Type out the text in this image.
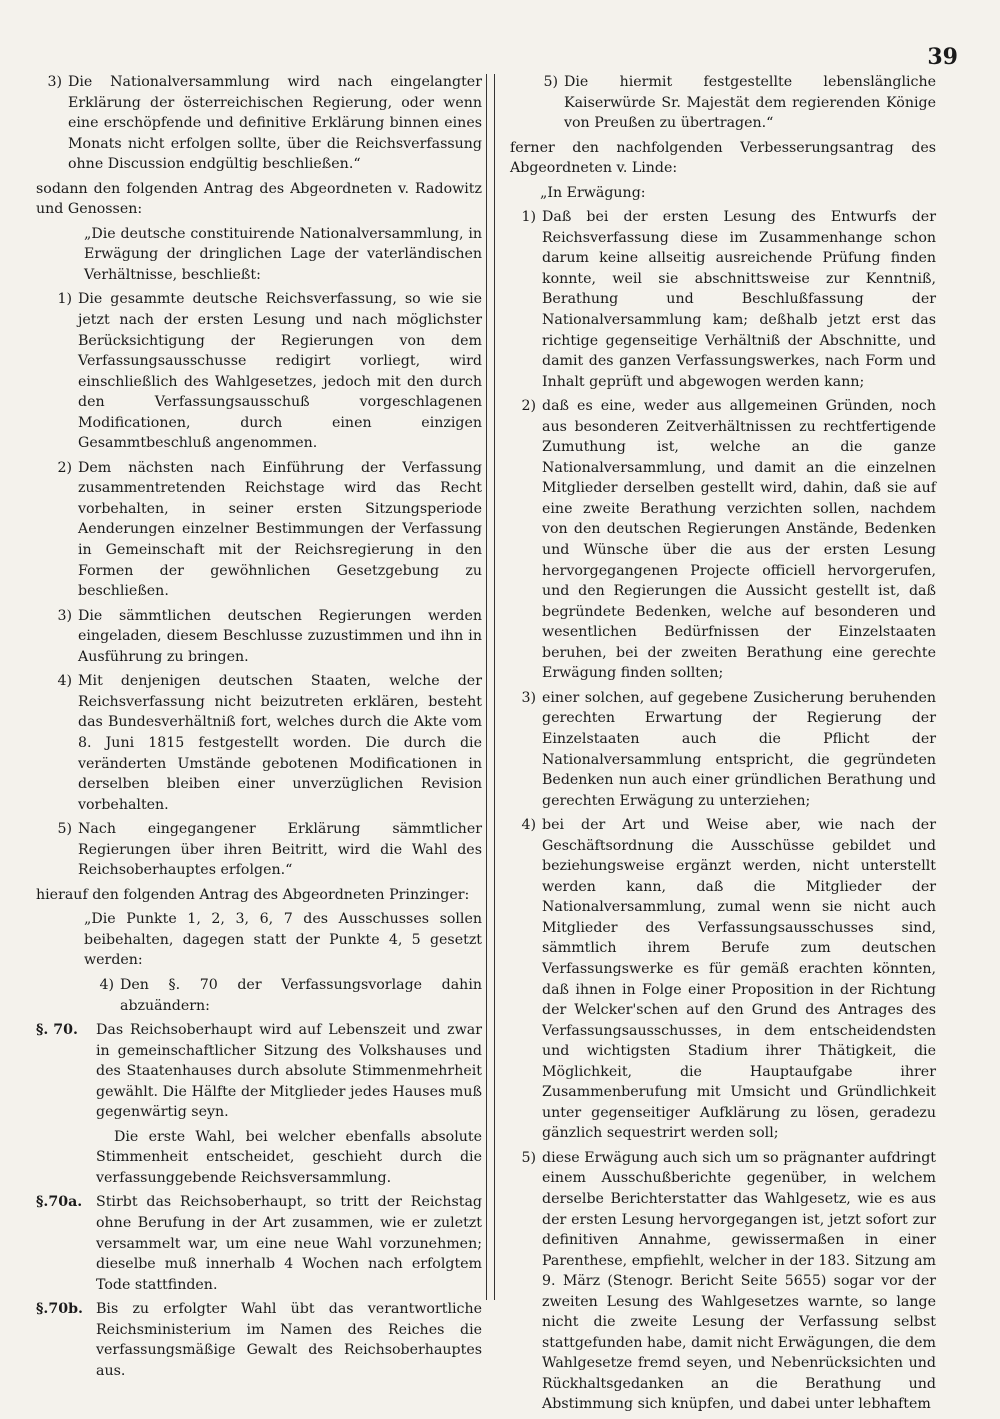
39
3) Die Nationalversammlung wird nach eingelangter Erklärung der österreichischen Regierung, oder wenn eine erschöpfende und definitive Erklärung binnen eines Monats nicht erfolgen sollte, über die Reichsverfassung ohne Discussion endgültig beschließen.“

sodann den folgenden Antrag des Abgeordneten v. Radowitz und Genossen:

„Die deutsche constituirende Nationalversammlung, in Erwägung der dringlichen Lage der vaterländischen Verhältnisse, beschließt:

1) Die gesammte deutsche Reichsverfassung, so wie sie jetzt nach der ersten Lesung und nach möglichster Berücksichtigung der Regierungen von dem Verfassungsausschusse redigirt vorliegt, wird einschließlich des Wahlgesetzes, jedoch mit den durch den Verfassungsausschuß vorgeschlagenen Modificationen, durch einen einzigen Gesammtbeschluß angenommen.
2) Dem nächsten nach Einführung der Verfassung zusammentretenden Reichstage wird das Recht vorbehalten, in seiner ersten Sitzungsperiode Aenderungen einzelner Bestimmungen der Verfassung in Gemeinschaft mit der Reichsregierung in den Formen der gewöhnlichen Gesetzgebung zu beschließen.
3) Die sämmtlichen deutschen Regierungen werden eingeladen, diesem Beschlusse zuzustimmen und ihn in Ausführung zu bringen.
4) Mit denjenigen deutschen Staaten, welche der Reichsverfassung nicht beizutreten erklären, besteht das Bundesverhältniß fort, welches durch die Akte vom 8. Juni 1815 festgestellt worden. Die durch die veränderten Umstände gebotenen Modificationen in derselben bleiben einer unverzüglichen Revision vorbehalten.
5) Nach eingegangener Erklärung sämmtlicher Regierungen über ihren Beitritt, wird die Wahl des Reichsoberhauptes erfolgen.“

hierauf den folgenden Antrag des Abgeordneten Prinzinger:

„Die Punkte 1, 2, 3, 6, 7 des Ausschusses sollen beibehalten, dagegen statt der Punkte 4, 5 gesetzt werden:

4) Den §. 70 der Verfassungsvorlage dahin abzuändern:
§. 70.	Das Reichsoberhaupt wird auf Lebenszeit und zwar in gemeinschaftlicher Sitzung des Volkshauses und des Staatenhauses durch absolute Stimmenmehrheit gewählt. Die Hälfte der Mitglieder jedes Hauses muß gegenwärtig seyn.

Die erste Wahl, bei welcher ebenfalls absolute Stimmenheit entscheidet, geschieht durch die verfassunggebende Reichsversammlung.

§.70a. Stirbt das Reichsoberhaupt, so tritt der Reichstag ohne Berufung in der Art zusammen, wie er zuletzt versammelt war, um eine neue Wahl vorzunehmen; dieselbe muß innerhalb 4 Wochen nach erfolgtem Tode stattfinden.
§.70b. Bis zu erfolgter Wahl übt das verantwortliche Reichsministerium im Namen des Reiches die verfassungsmäßige Gewalt des Reichsoberhauptes aus.
5) Die hiermit festgestellte lebenslängliche Kaiserwürde Sr. Majestät dem regierenden Könige von Preußen zu übertragen.“

ferner den nachfolgenden Verbesserungsantrag des Abgeordneten v. Linde:

„In Erwägung:

1) Daß bei der ersten Lesung des Entwurfs der Reichsverfassung diese im Zusammenhange schon darum keine allseitig ausreichende Prüfung finden konnte, weil sie abschnittsweise zur Kenntniß, Berathung und Beschlußfassung der Nationalversammlung kam; deßhalb jetzt erst das richtige gegenseitige Verhältniß der Abschnitte, und damit des ganzen Verfassungswerkes, nach Form und Inhalt geprüft und abgewogen werden kann;
2) daß es eine, weder aus allgemeinen Gründen, noch aus besonderen Zeitverhältnissen zu rechtfertigende Zumuthung ist, welche an die ganze Nationalversammlung, und damit an die einzelnen Mitglieder derselben gestellt wird, dahin, daß sie auf eine zweite Berathung verzichten sollen, nachdem von den deutschen Regierungen Anstände, Bedenken und Wünsche über die aus der ersten Lesung hervorgegangenen Projecte officiell hervorgerufen, und den Regierungen die Aussicht gestellt ist, daß begründete Bedenken, welche auf besonderen und wesentlichen Bedürfnissen der Einzelstaaten beruhen, bei der zweiten Berathung eine gerechte Erwägung finden sollten;
3) einer solchen, auf gegebene Zusicherung beruhenden gerechten Erwartung der Regierung der Einzelstaaten auch die Pflicht der Nationalversammlung entspricht, die gegründeten Bedenken nun auch einer gründlichen Berathung und gerechten Erwägung zu unterziehen;
4) bei der Art und Weise aber, wie nach der Geschäftsordnung die Ausschüsse gebildet und beziehungsweise ergänzt werden, nicht unterstellt werden kann, daß die Mitglieder der Nationalversammlung, zumal wenn sie nicht auch Mitglieder des Verfassungsausschusses sind, sämmtlich ihrem Berufe zum deutschen Verfassungswerke es für gemäß erachten könnten, daß ihnen in Folge einer Proposition in der Richtung der Welcker'schen auf den Grund des Antrages des Verfassungsausschusses, in dem entscheidendsten und wichtigsten Stadium ihrer Thätigkeit, die Möglichkeit, die Hauptaufgabe ihrer Zusammenberufung mit Umsicht und Gründlichkeit unter gegenseitiger Aufklärung zu lösen, geradezu gänzlich sequestrirt werden soll;
5) diese Erwägung auch sich um so prägnanter aufdringt einem Ausschußberichte gegenüber, in welchem derselbe Berichterstatter das Wahlgesetz, wie es aus der ersten Lesung hervorgegangen ist, jetzt sofort zur definitiven Annahme, gewissermaßen in einer Parenthese, empfiehlt, welcher in der 183. Sitzung am 9. März (Stenogr. Bericht Seite 5655) sogar vor der zweiten Lesung des Wahlgesetzes warnte, so lange nicht die zweite Lesung der Verfassung selbst stattgefunden habe, damit nicht Erwägungen, die dem Wahlgesetze fremd seyen, und Nebenrücksichten und Rückhaltsgedanken an die Berathung und Abstimmung sich knüpfen, und dabei unter lebhaftem
